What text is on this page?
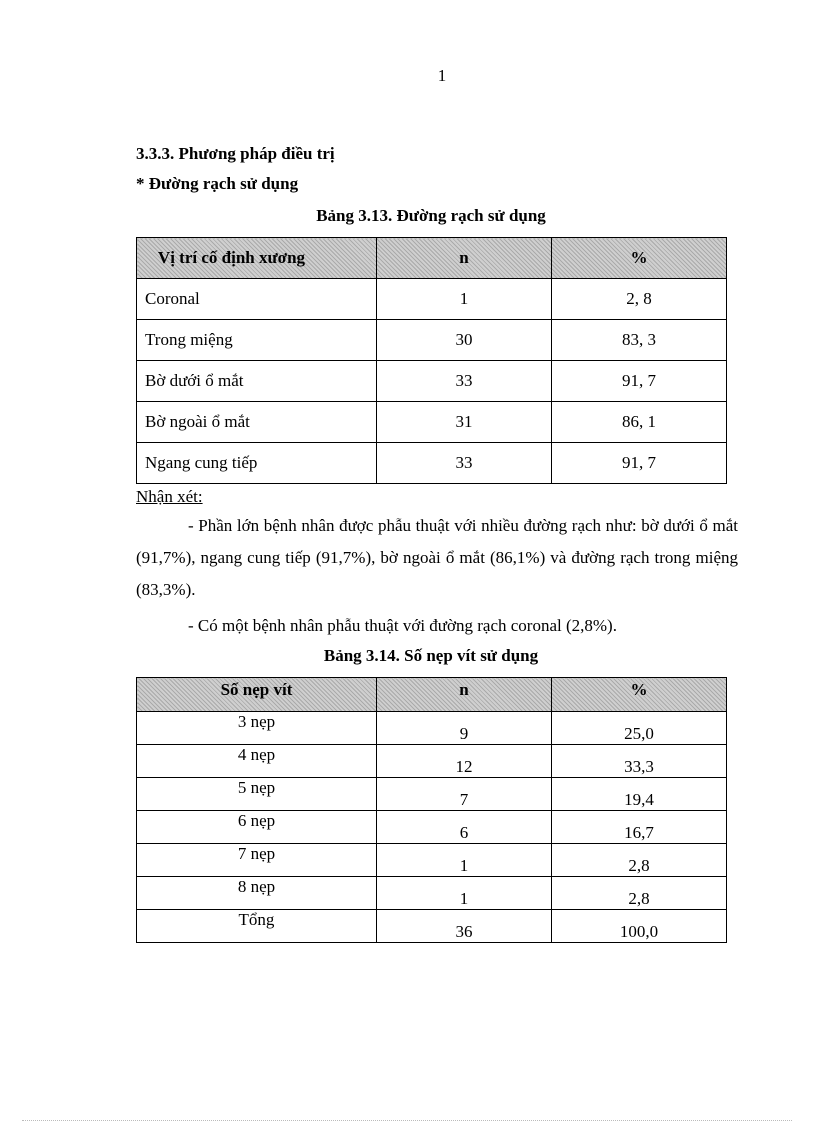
1
3.3.3. Phương pháp điều trị
* Đường rạch sử dụng
Bảng 3.13. Đường rạch sử dụng
Vị trí cố định xương	n	%
Coronal	1	2, 8
Trong miệng	30	83, 3
Bờ dưới ổ mắt	33	91, 7
Bờ ngoài ổ mắt	31	86, 1
Ngang cung tiếp	33	91, 7
Nhận xét:
- Phần lớn bệnh nhân được phẫu thuật với nhiều đường rạch như: bờ dưới ổ mắt (91,7%), ngang cung tiếp (91,7%), bờ ngoài ổ mắt (86,1%) và đường rạch trong miệng (83,3%).
- Có một bệnh nhân phẫu thuật với đường rạch coronal (2,8%).
Bảng 3.14. Số nẹp vít sử dụng
Số nẹp vít	n	%
3 nẹp	9	25,0
4 nẹp	12	33,3
5 nẹp	7	19,4
6 nẹp	6	16,7
7 nẹp	1	2,8
8 nẹp	1	2,8
Tổng	36	100,0
